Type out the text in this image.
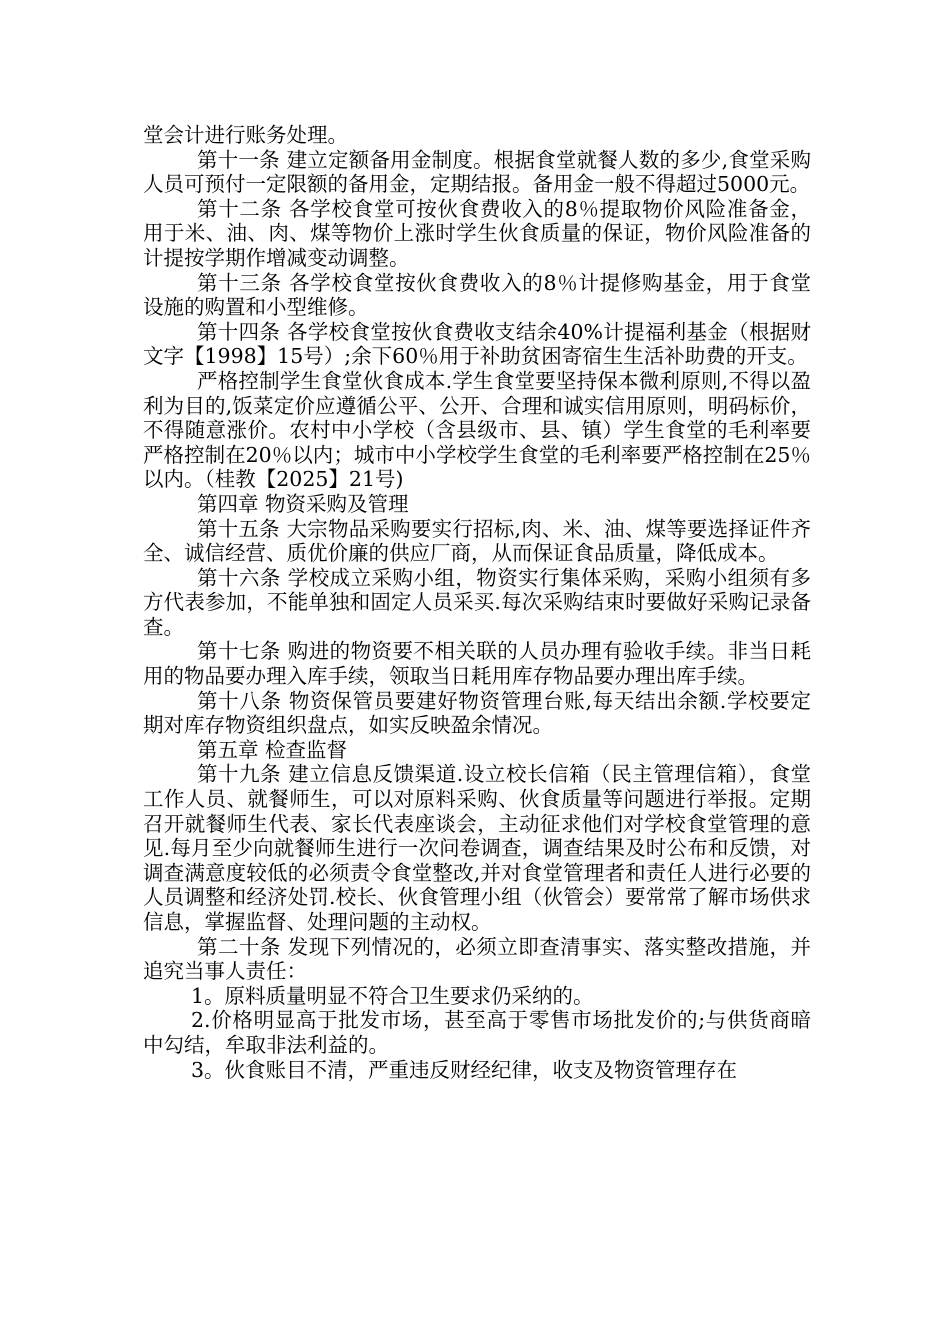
堂会计进行账务处理。

第十一条 建立定额备用金制度。根据食堂就餐人数的多少,食堂采购人员可预付一定限额的备用金，定期结报。备用金一般不得超过5000元。

第十二条 各学校食堂可按伙食费收入的8％提取物价风险准备金，用于米、油、肉、煤等物价上涨时学生伙食质量的保证，物价风险准备的计提按学期作增减变动调整。

第十三条 各学校食堂按伙食费收入的8％计提修购基金，用于食堂设施的购置和小型维修。

第十四条 各学校食堂按伙食费收支结余40%计提福利基金（根据财文字【1998】15号）;余下60％用于补助贫困寄宿生生活补助费的开支。

严格控制学生食堂伙食成本.学生食堂要坚持保本微利原则,不得以盈利为目的,饭菜定价应遵循公平、公开、合理和诚实信用原则，明码标价，不得随意涨价。农村中小学校（含县级市、县、镇）学生食堂的毛利率要严格控制在20％以内；城市中小学校学生食堂的毛利率要严格控制在25％以内。（桂教【2025】21号)

第四章 物资采购及管理

第十五条 大宗物品采购要实行招标,肉、米、油、煤等要选择证件齐全、诚信经营、质优价廉的供应厂商，从而保证食品质量，降低成本。

第十六条 学校成立采购小组，物资实行集体采购，采购小组须有多方代表参加，不能单独和固定人员采买.每次采购结束时要做好采购记录备查。

第十七条 购进的物资要不相关联的人员办理有验收手续。非当日耗用的物品要办理入库手续，领取当日耗用库存物品要办理出库手续。

第十八条 物资保管员要建好物资管理台账,每天结出余额.学校要定期对库存物资组织盘点，如实反映盈余情况。

第五章 检查监督

第十九条 建立信息反馈渠道.设立校长信箱（民主管理信箱），食堂工作人员、就餐师生，可以对原料采购、伙食质量等问题进行举报。定期召开就餐师生代表、家长代表座谈会，主动征求他们对学校食堂管理的意见.每月至少向就餐师生进行一次问卷调查，调查结果及时公布和反馈，对调查满意度较低的必须责令食堂整改,并对食堂管理者和责任人进行必要的人员调整和经济处罚.校长、伙食管理小组（伙管会）要常常了解市场供求信息，掌握监督、处理问题的主动权。

第二十条 发现下列情况的，必须立即查清事实、落实整改措施，并追究当事人责任：

1。原料质量明显不符合卫生要求仍采纳的。

2.价格明显高于批发市场，甚至高于零售市场批发价的;与供货商暗中勾结，牟取非法利益的。

3。伙食账目不清，严重违反财经纪律，收支及物资管理存在
